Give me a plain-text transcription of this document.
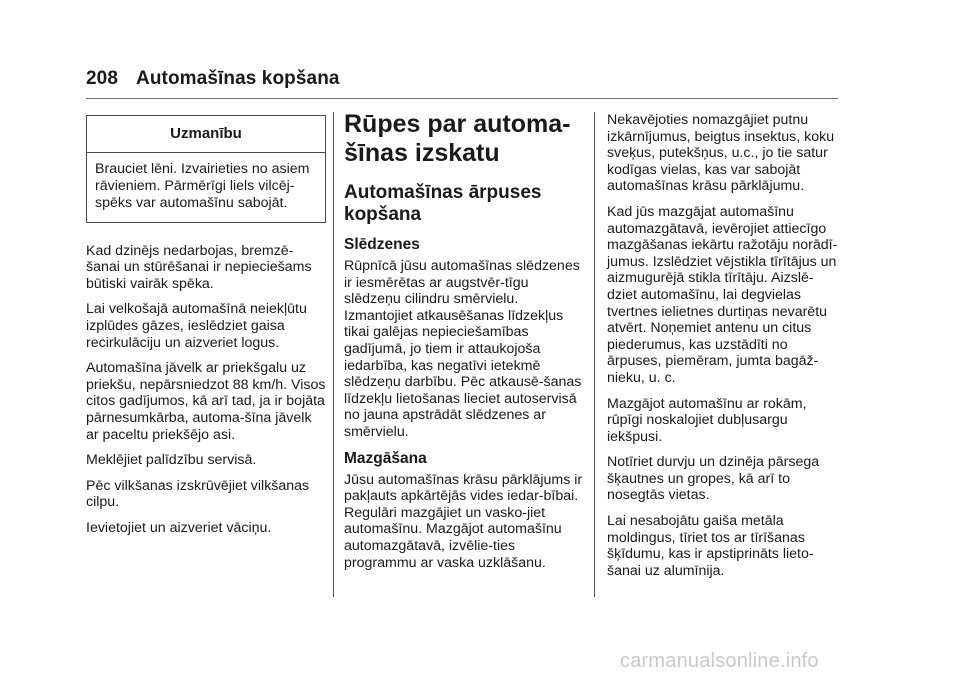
208 Automašīnas kopšana
Uzmanību
Brauciet lēni. Izvairieties no asiem rāvieniem. Pārmērīgi liels vilcēj-spēks var automašīnu sabojāt.

Kad dzinējs nedarbojas, bremzē-šanai un stūrēšanai ir nepieciešams būtiski vairāk spēka.

Lai velkošajā automašīnā neiekļūtu izplūdes gāzes, ieslēdziet gaisa recirkulāciju un aizveriet logus.

Automašīna jāvelk ar priekšgalu uz priekšu, nepārsniedzot 88 km/h. Visos citos gadījumos, kā arī tad, ja ir bojāta pārnesumkārba, automa-šīna jāvelk ar paceltu priekšējo asi.

Meklējiet palīdzību servisā.

Pēc vilkšanas izskrūvējiet vilkšanas cilpu.

Ievietojiet un aizveriet vāciņu.

Rūpes par automa-šīnas izskatu
Automašīnas ārpuses kopšana
Slēdzenes

Rūpnīcā jūsu automašīnas slēdzenes ir iesmērētas ar augstvēr-tīgu slēdzeņu cilindru smērvielu. Izmantojiet atkausēšanas līdzekļus tikai galējas nepieciešamības gadījumā, jo tiem ir attaukojoša iedarbība, kas negatīvi ietekmē slēdzeņu darbību. Pēc atkausē-šanas līdzekļu lietošanas lieciet autoservisā no jauna apstrādāt slēdzenes ar smērvielu.

Mazgāšana

Jūsu automašīnas krāsu pārklājums ir pakļauts apkārtējās vides iedar-bībai. Regulāri mazgājiet un vasko-jiet automašīnu. Mazgājot automašīnu automazgātavā, izvēlie-ties programmu ar vaska uzklāšanu.

Nekavējoties nomazgājiet putnu izkārnījumus, beigtus insektus, koku sveķus, putekšņus, u.c., jo tie satur kodīgas vielas, kas var sabojāt automašīnas krāsu pārklājumu.

Kad jūs mazgājat automašīnu automazgātavā, ievērojiet attiecīgo mazgāšanas iekārtu ražotāju norādī-jumus. Izslēdziet vējstikla tīrītājus un aizmugurējā stikla tīrītāju. Aizslē-dziet automašīnu, lai degvielas tvertnes ielietnes durtiņas nevarētu atvērt. Noņemiet antenu un citus piederumus, kas uzstādīti no ārpuses, piemēram, jumta bagāž-nieku, u. c.

Mazgājot automašīnu ar rokām, rūpīgi noskalojiet dubļusargu iekšpusi.

Notīriet durvju un dzinēja pārsega šķautnes un gropes, kā arī to nosegtās vietas.

Lai nesabojātu gaiša metāla moldingus, tīriet tos ar tīrīšanas šķīdumu, kas ir apstiprināts lieto-šanai uz alumīnija.

carmanualsonline.info
